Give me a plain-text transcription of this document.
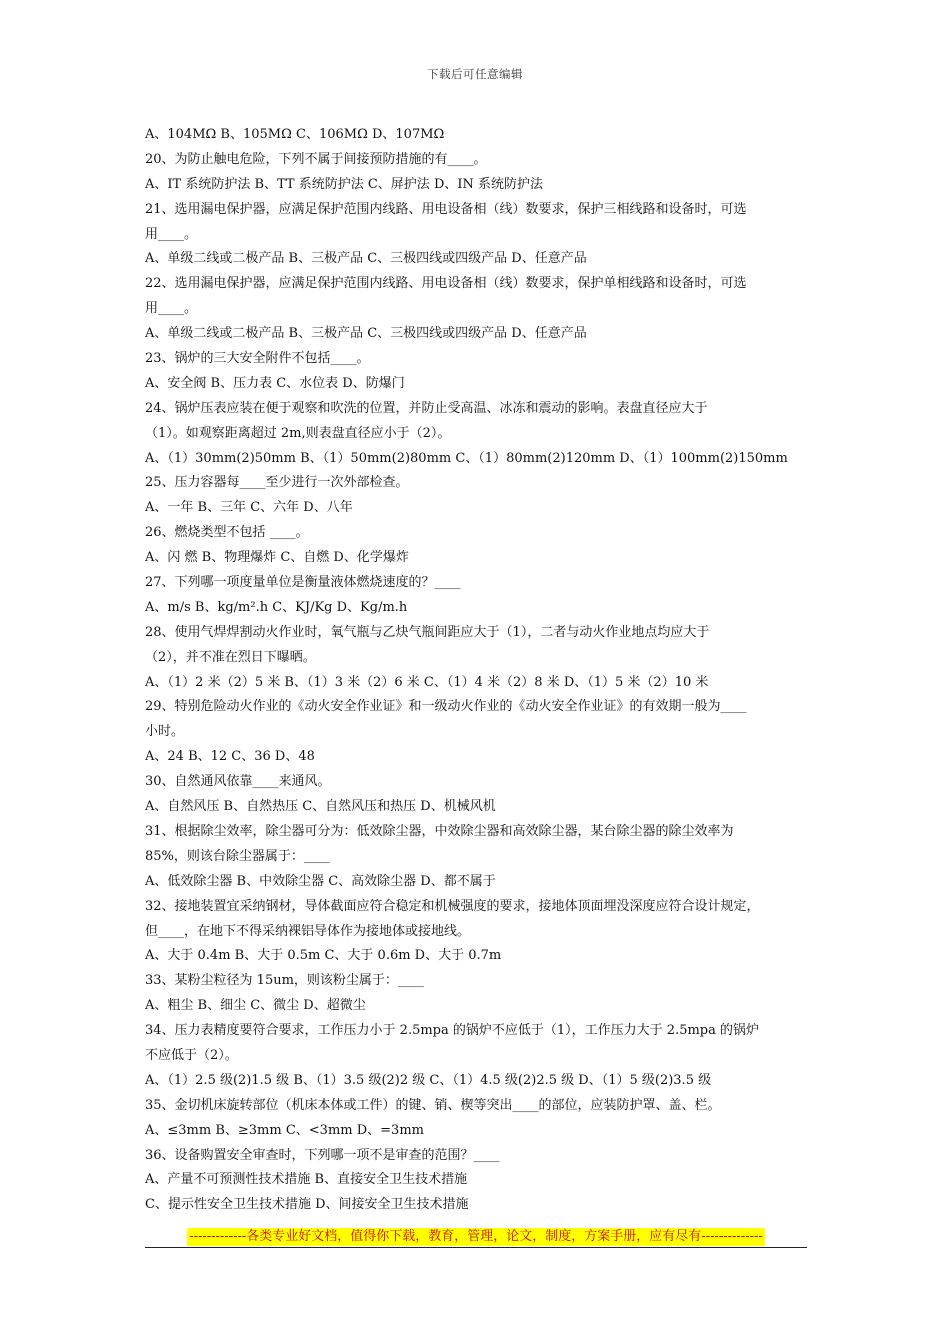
下载后可任意编辑
A、104MΩ B、105MΩ C、106MΩ D、107MΩ
20、为防止触电危险，下列不属于间接预防措施的有____。
A、IT 系统防护法 B、TT 系统防护法 C、屏护法 D、IN 系统防护法
21、选用漏电保护器，应满足保护范围内线路、用电设备相（线）数要求，保护三相线路和设备时，可选
用____。
A、单级二线或二极产品 B、三极产品 C、三极四线或四级产品 D、任意产品
22、选用漏电保护器，应满足保护范围内线路、用电设备相（线）数要求，保护单相线路和设备时，可选
用____。
A、单级二线或二极产品 B、三极产品 C、三极四线或四级产品 D、任意产品
23、锅炉的三大安全附件不包括____。
A、安全阀 B、压力表 C、水位表 D、防爆门
24、锅炉压表应装在便于观察和吹洗的位置，并防止受高温、冰冻和震动的影响。表盘直径应大于
（1）。如观察距离超过 2m,则表盘直径应小于（2）。
A、（1）30mm(2)50mm B、（1）50mm(2)80mm C、（1）80mm(2)120mm D、（1）100mm(2)150mm
25、压力容器每____至少进行一次外部检查。
A、一年 B、三年 C、六年 D、八年
26、燃烧类型不包括 ____。
A、闪 燃 B、物理爆炸 C、自燃 D、化学爆炸
27、下列哪一项度量单位是衡量液体燃烧速度的？____
A、m/s B、kg/m².h C、KJ/Kg D、Kg/m.h
28、使用气焊焊割动火作业时，氧气瓶与乙炔气瓶间距应大于（1），二者与动火作业地点均应大于
（2），并不准在烈日下曝晒。
A、（1）2 米（2）5 米 B、（1）3 米（2）6 米 C、（1）4 米（2）8 米 D、（1）5 米（2）10 米
29、特别危险动火作业的《动火安全作业证》和一级动火作业的《动火安全作业证》的有效期一般为____
小时。
A、24 B、12 C、36 D、48
30、自然通风依靠____来通风。
A、自然风压 B、自然热压 C、自然风压和热压 D、机械风机
31、根据除尘效率，除尘器可分为：低效除尘器，中效除尘器和高效除尘器，某台除尘器的除尘效率为
85%，则该台除尘器属于：____
A、低效除尘器 B、中效除尘器 C、高效除尘器 D、都不属于
32、接地装置宜采纳钢材，导体截面应符合稳定和机械强度的要求，接地体顶面埋没深度应符合设计规定，
但____，在地下不得采纳裸铝导体作为接地体或接地线。
A、大于 0.4m B、大于 0.5m C、大于 0.6m D、大于 0.7m
33、某粉尘粒径为 15um，则该粉尘属于：____
A、粗尘 B、细尘 C、微尘 D、超微尘
34、压力表精度要符合要求，工作压力小于 2.5mpa 的锅炉不应低于（1），工作压力大于 2.5mpa 的锅炉
不应低于（2）。
A、（1）2.5 级(2)1.5 级 B、（1）3.5 级(2)2 级 C、（1）4.5 级(2)2.5 级 D、（1）5 级(2)3.5 级
35、金切机床旋转部位（机床本体或工件）的键、销、楔等突出____的部位，应装防护罩、盖、栏。
A、≤3mm B、≥3mm C、<3mm D、=3mm
36、设备购置安全审查时，下列哪一项不是审查的范围？____
A、产量不可预测性技术措施 B、直接安全卫生技术措施
C、提示性安全卫生技术措施 D、间接安全卫生技术措施
-------------各类专业好文档，值得你下载，教育，管理，论文，制度，方案手册，应有尽有--------------
